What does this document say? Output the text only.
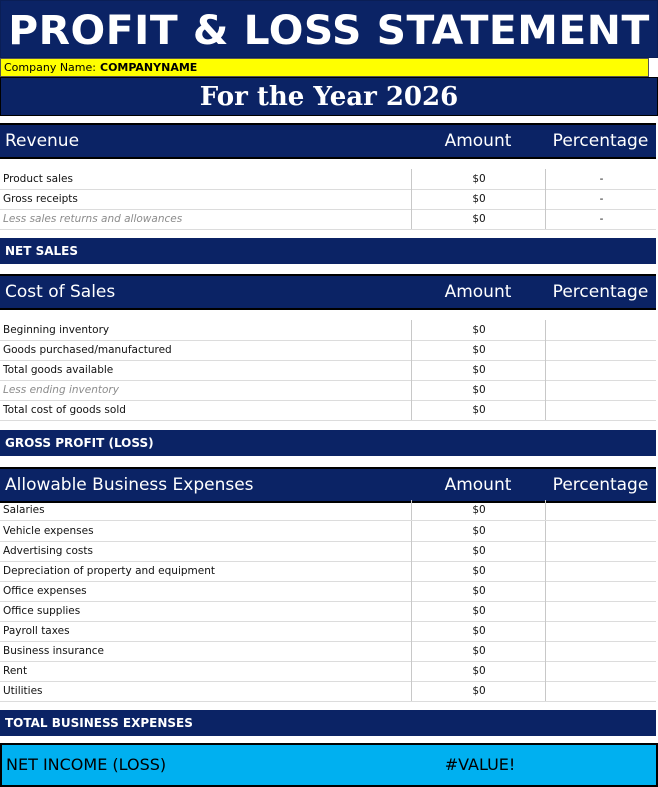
PROFIT & LOSS STATEMENT
Company Name: COMPANYNAME
For the Year 2026
Revenue	Amount	Percentage
Product sales	$0	-
Gross receipts	$0	-
Less sales returns and allowances	$0	-
NET SALES
Cost of Sales	Amount	Percentage
Beginning inventory	$0
Goods purchased/manufactured	$0
Total goods available	$0
Less ending inventory	$0
Total cost of goods sold	$0
GROSS PROFIT (LOSS)
Allowable Business Expenses	Amount	Percentage
Salaries	$0
Vehicle expenses	$0
Advertising costs	$0
Depreciation of property and equipment	$0
Office expenses	$0
Office supplies	$0
Payroll taxes	$0
Business insurance	$0
Rent	$0
Utilities	$0
TOTAL BUSINESS EXPENSES
NET INCOME (LOSS)	#VALUE!
